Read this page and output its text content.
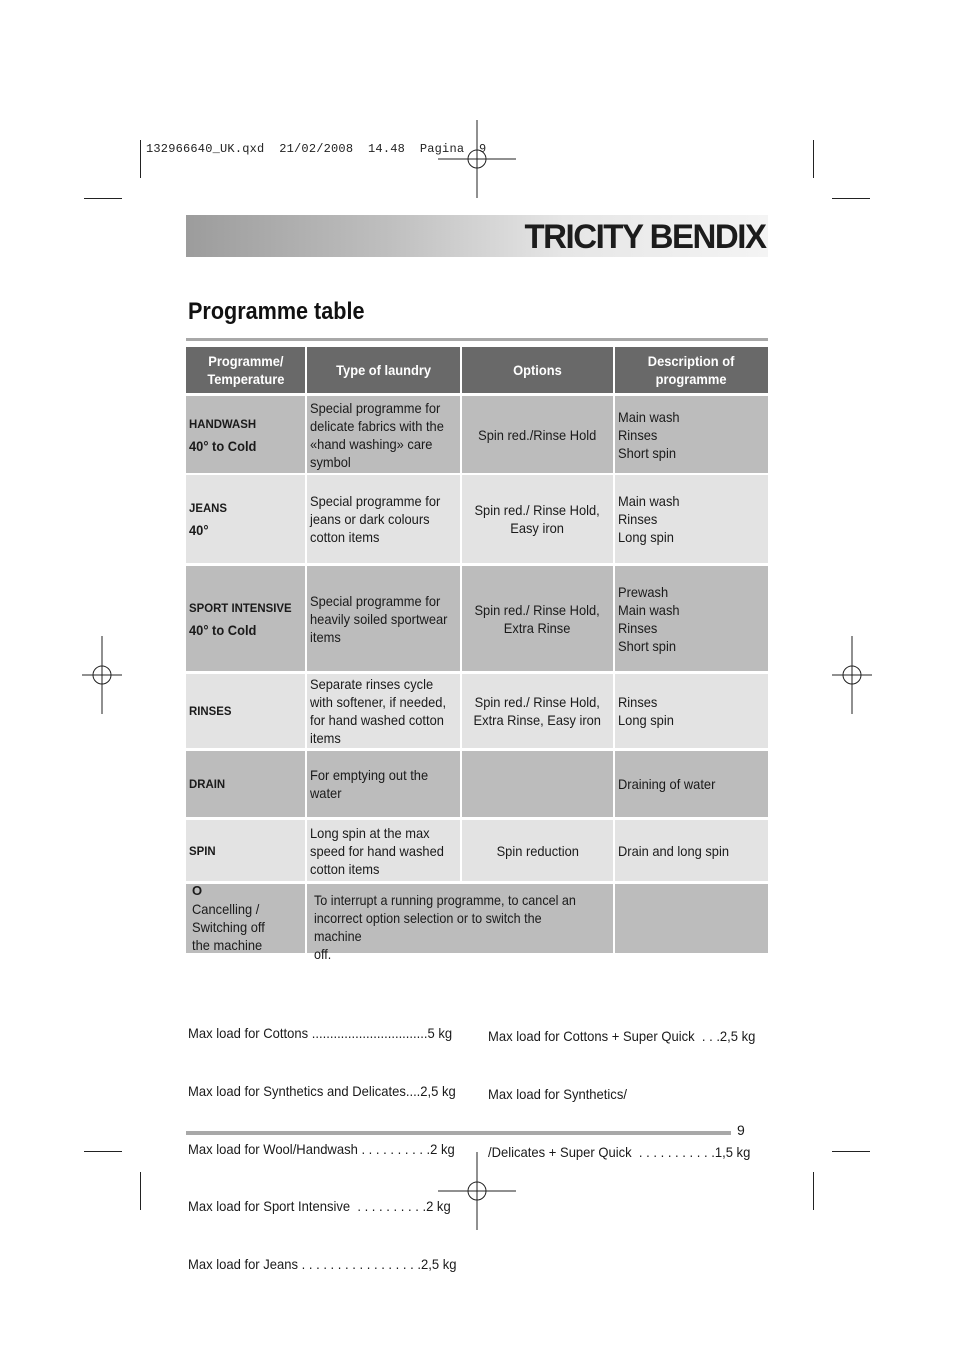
132966640_UK.qxd  21/02/2008  14.48  Pagina  9
TRICITY BENDIX
Programme table
Programme/
Temperature
Type of laundry	Options
Description of
programme
HANDWASH
40° to Cold
Special programme for
delicate fabrics with the
«hand washing» care
symbol
Spin red./Rinse Hold
Main wash
Rinses
Short spin
JEANS
40°
Special programme for
jeans or dark colours
cotton items
Spin red./ Rinse Hold,
Easy iron
Main wash
Rinses
Long spin
SPORT INTENSIVE
40° to Cold
Special programme for
heavily soiled sportwear
items
Spin red./ Rinse Hold,
Extra Rinse
Prewash
Main wash
Rinses
Short spin
RINSES
Separate rinses cycle
with softener, if needed,
for hand washed cotton
items
Spin red./ Rinse Hold,
Extra Rinse, Easy iron
Rinses
Long spin
DRAIN
For emptying out the
water
Draining of water
SPIN
Long spin at the max
speed for hand washed
cotton items
Spin reduction	Drain and long spin
O
Cancelling /
Switching off
the machine
To interrupt a running programme, to cancel an
incorrect option selection or to switch the machine
off.

Max load for Cottons ................................5 kg

Max load for Synthetics and Delicates....2,5 kg

Max load for Wool/Handwash . . . . . . . . . .2 kg

Max load for Sport Intensive  . . . . . . . . . .2 kg

Max load for Jeans . . . . . . . . . . . . . . . . .2,5 kg

Max load for Cottons + Super Quick  . . .2,5 kg

Max load for Synthetics/

/Delicates + Super Quick  . . . . . . . . . . .1,5 kg

9
